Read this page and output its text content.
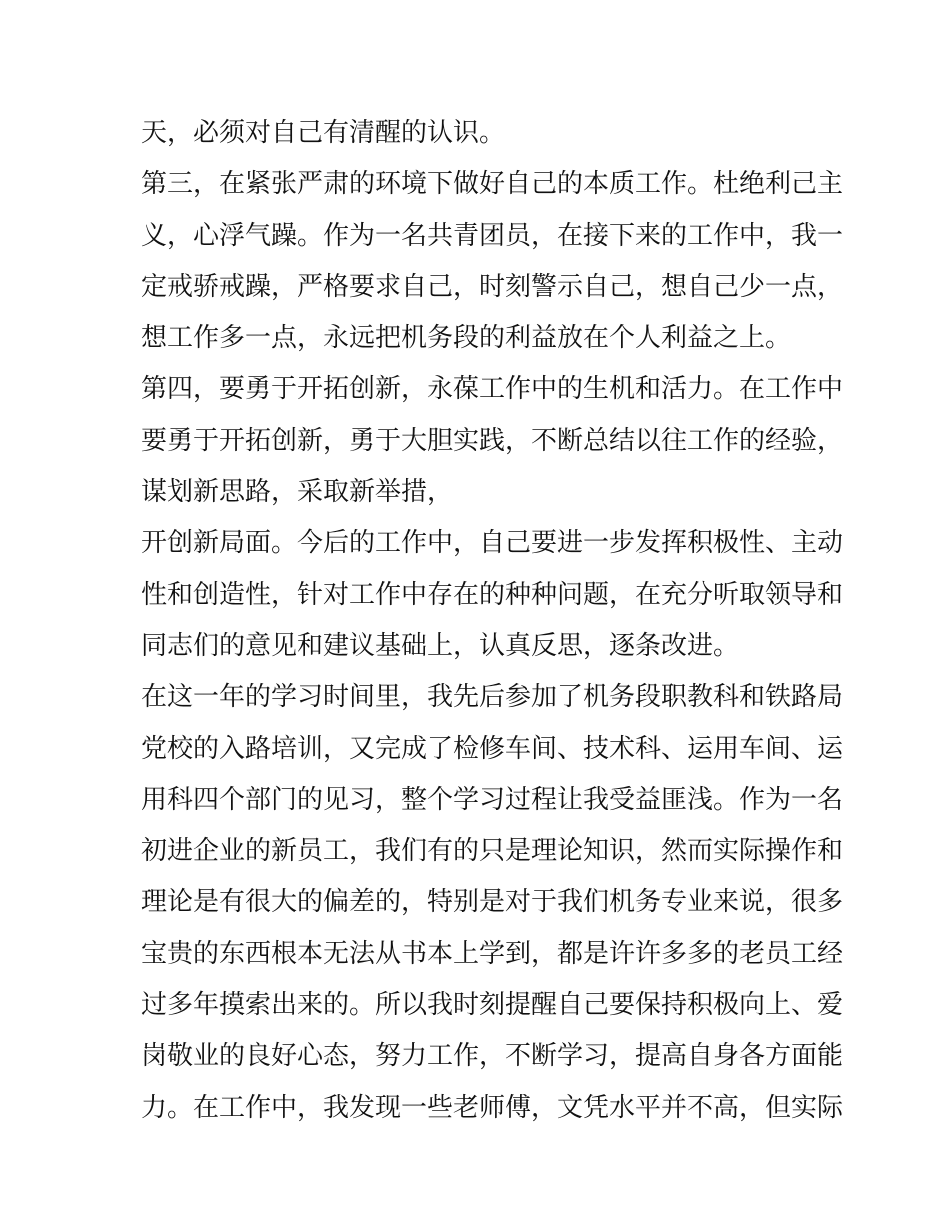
天，必须对自己有清醒的认识。
第三，在紧张严肃的环境下做好自己的本质工作。杜绝利己主
义，心浮气躁。作为一名共青团员，在接下来的工作中，我一
定戒骄戒躁，严格要求自己，时刻警示自己，想自己少一点，
想工作多一点，永远把机务段的利益放在个人利益之上。
第四，要勇于开拓创新，永葆工作中的生机和活力。在工作中
要勇于开拓创新，勇于大胆实践，不断总结以往工作的经验，
谋划新思路，采取新举措，
开创新局面。今后的工作中，自己要进一步发挥积极性、主动
性和创造性，针对工作中存在的种种问题，在充分听取领导和
同志们的意见和建议基础上，认真反思，逐条改进。
在这一年的学习时间里，我先后参加了机务段职教科和铁路局
党校的入路培训，又完成了检修车间、技术科、运用车间、运
用科四个部门的见习，整个学习过程让我受益匪浅。作为一名
初进企业的新员工，我们有的只是理论知识，然而实际操作和
理论是有很大的偏差的，特别是对于我们机务专业来说，很多
宝贵的东西根本无法从书本上学到，都是许许多多的老员工经
过多年摸索出来的。所以我时刻提醒自己要保持积极向上、爱
岗敬业的良好心态，努力工作，不断学习，提高自身各方面能
力。在工作中，我发现一些老师傅，文凭水平并不高，但实际
